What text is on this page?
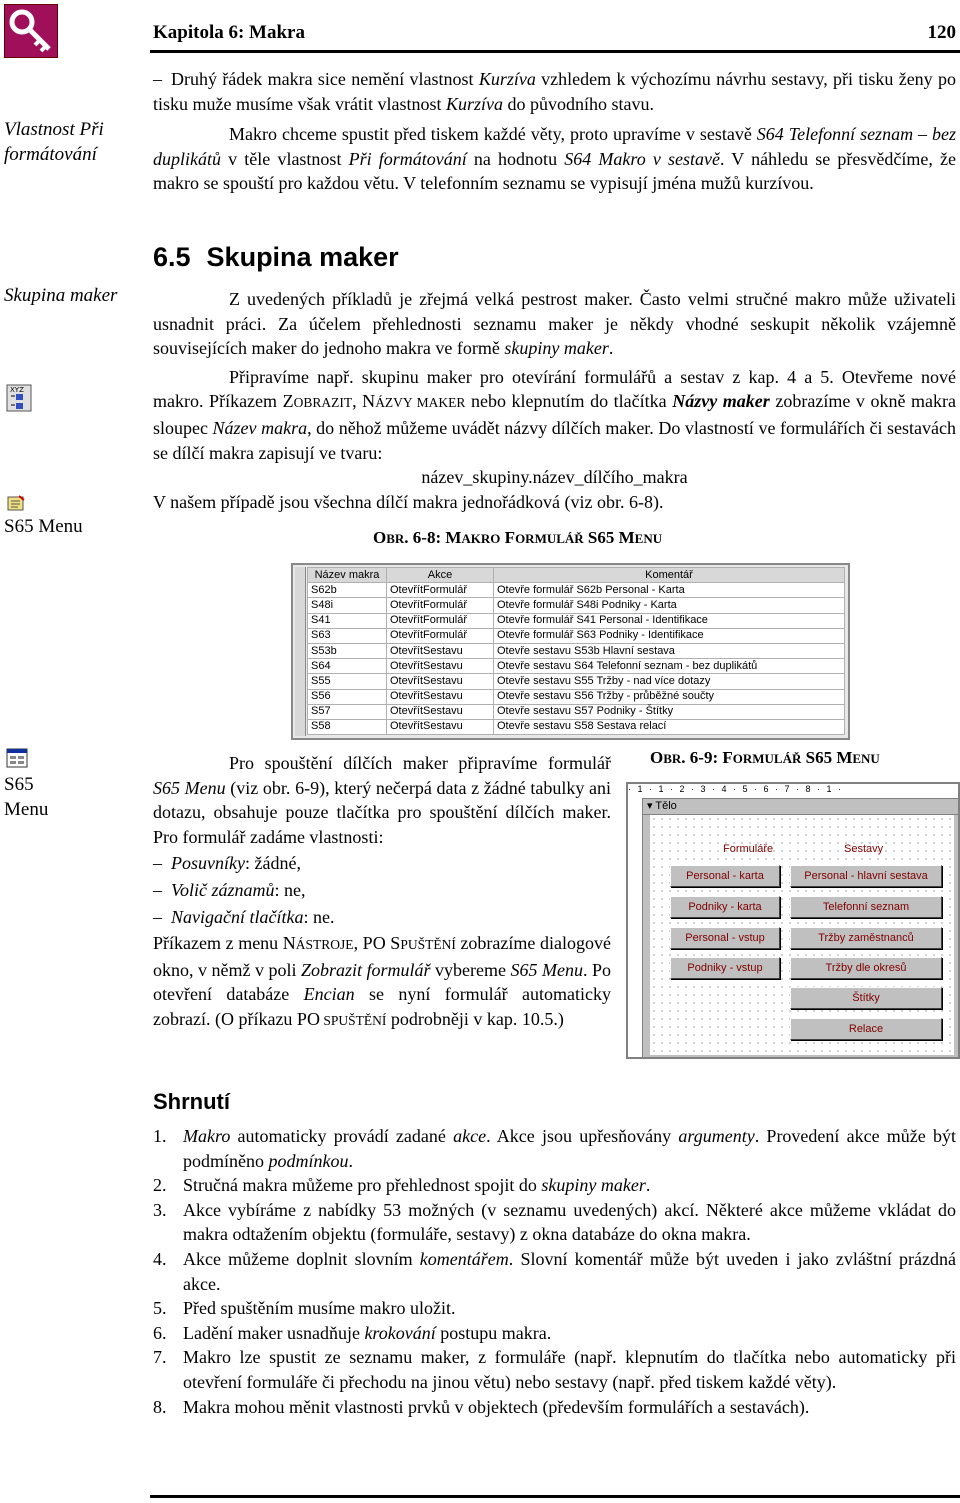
Kapitola 6: Makra	120
Vlastnost Při
formátování
Skupina maker
XYZ
S65 Menu
S65
Menu

– Druhý řádek makra sice nemění vlastnost Kurzíva vzhledem k výchozímu návrhu sestavy, při tisku ženy po tisku muže musíme však vrátit vlastnost Kurzíva do původního stavu.

Makro chceme spustit před tiskem každé věty, proto upravíme v sestavě S64 Telefonní seznam – bez duplikátů v těle vlastnost Při formátování na hodnotu S64 Makro v sestavě. V náhledu se přesvědčíme, že makro se spouští pro každou větu. V telefonním seznamu se vypisují jména mužů kurzívou.

6.5 Skupina maker

Z uvedených příkladů je zřejmá velká pestrost maker. Často velmi stručné makro může uživateli usnadnit práci. Za účelem přehlednosti seznamu maker je někdy vhodné seskupit několik vzájemně souvisejících maker do jednoho makra ve formě skupiny maker.

Připravíme např. skupinu maker pro otevírání formulářů a sestav z kap. 4 a 5. Otevřeme nové makro. Příkazem ZOBRAZIT, NÁZVY MAKER nebo klepnutím do tlačítka Názvy maker zobrazíme v okně makra sloupec Název makra, do něhož můžeme uvádět názvy dílčích maker. Do vlastností ve formulářích či sestavách se dílčí makra zapisují ve tvaru:

název_skupiny.název_dílčího_makra

V našem případě jsou všechna dílčí makra jednořádková (viz obr. 6-8).

OBR. 6-8: MAKRO FORMULÁŘ S65 MENU
Název makra	Akce	Komentář
S62b	OtevřítFormulář	Otevře formulář S62b Personal - Karta
S48i	OtevřítFormulář	Otevře formulář S48i Podniky - Karta
S41	OtevřítFormulář	Otevře formulář S41 Personal - Identifikace
S63	OtevřítFormulář	Otevře formulář S63 Podniky - Identifikace
S53b	OtevřítSestavu	Otevře sestavu S53b Hlavní sestava
S64	OtevřítSestavu	Otevře sestavu S64 Telefonní seznam - bez duplikátů
S55	OtevřítSestavu	Otevře sestavu S55 Tržby - nad více dotazy
S56	OtevřítSestavu	Otevře sestavu S56 Tržby - průběžné součty
S57	OtevřítSestavu	Otevře sestavu S57 Podniky - Štítky
S58	OtevřítSestavu	Otevře sestavu S58 Sestava relací

Pro spouštění dílčích maker připravíme formulář S65 Menu (viz obr. 6-9), který nečerpá data z žádné tabulky ani dotazu, obsahuje pouze tlačítka pro spouštění dílčích maker. Pro formulář zadáme vlastnosti:

– Posuvníky: žádné,

– Volič záznamů: ne,

– Navigační tlačítka: ne.

Příkazem z menu NÁSTROJE, PO SPUŠTĚNÍ zobrazíme dialogové okno, v němž v poli Zobrazit formulář vybereme S65 Menu. Po otevření databáze Encian se nyní formulář automaticky zobrazí. (O příkazu PO SPUŠTĚNÍ podrobněji v kap. 10.5.)

OBR. 6-9: FORMULÁŘ S65 MENU
· 1 · 1 · 2 · 3 · 4 · 5 · 6 · 7 · 8 · 1 ·
▾ Tělo
Formuláře	Sestavy
Personal - karta
Podniky - karta
Personal - vstup
Podniky - vstup
Personal - hlavní sestava
Telefonní seznam
Tržby zaměstnanců
Tržby dle okresů
Štítky
Relace
Shrnutí
1. Makro automaticky provádí zadané akce. Akce jsou upřesňovány argumenty. Provedení akce může být podmíněno podmínkou.
2. Stručná makra můžeme pro přehlednost spojit do skupiny maker.
3. Akce vybíráme z nabídky 53 možných (v seznamu uvedených) akcí. Některé akce můžeme vkládat do makra odtažením objektu (formuláře, sestavy) z okna databáze do okna makra.
4. Akce můžeme doplnit slovním komentářem. Slovní komentář může být uveden i jako zvláštní prázdná akce.
5. Před spuštěním musíme makro uložit.
6. Ladění maker usnadňuje krokování postupu makra.
7. Makro lze spustit ze seznamu maker, z formuláře (např. klepnutím do tlačítka nebo automaticky při otevření formuláře či přechodu na jinou větu) nebo sestavy (např. před tiskem každé věty).
8. Makra mohou měnit vlastnosti prvků v objektech (především formulářích a sestavách).
